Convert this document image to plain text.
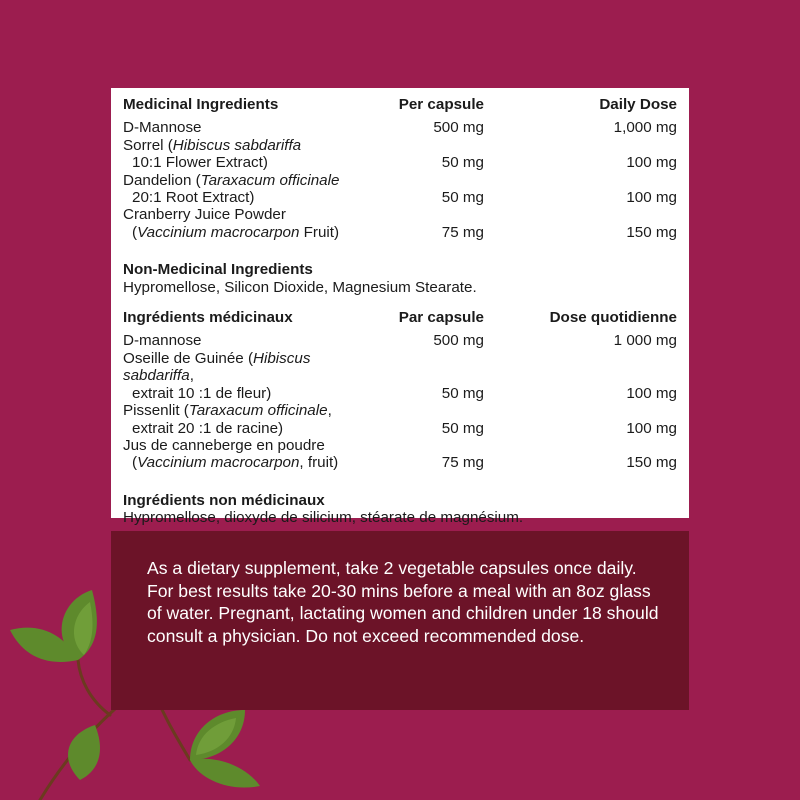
Medicinal Ingredients	Per capsule	Daily Dose
D-Mannose	500 mg	1,000 mg

Sorrel (Hibiscus sabdariffa
10:1 Flower Extract)	50 mg	100 mg

Dandelion (Taraxacum officinale
20:1 Root Extract)	50 mg	100 mg

Cranberry Juice Powder
(Vaccinium macrocarpon Fruit)	75 mg	150 mg
Non-Medicinal Ingredients
Hypromellose, Silicon Dioxide, Magnesium Stearate.
Ingrédients médicinaux	Par capsule	Dose quotidienne
D-mannose	500 mg	1 000 mg

Oseille de Guinée (Hibiscus sabdariffa,
extrait 10 :1 de fleur)	50 mg	100 mg

Pissenlit (Taraxacum officinale,
extrait 20 :1 de racine)	50 mg	100 mg

Jus de canneberge en poudre
(Vaccinium macrocarpon, fruit)	75 mg	150 mg
Ingrédients non médicinaux
Hypromellose, dioxyde de silicium, stéarate de magnésium.
As a dietary supplement, take 2 vegetable capsules once daily. For best results take 20-30 mins before a meal with an 8oz glass of water. Pregnant, lactating women and children under 18 should consult a physician. Do not exceed recommended dose.
